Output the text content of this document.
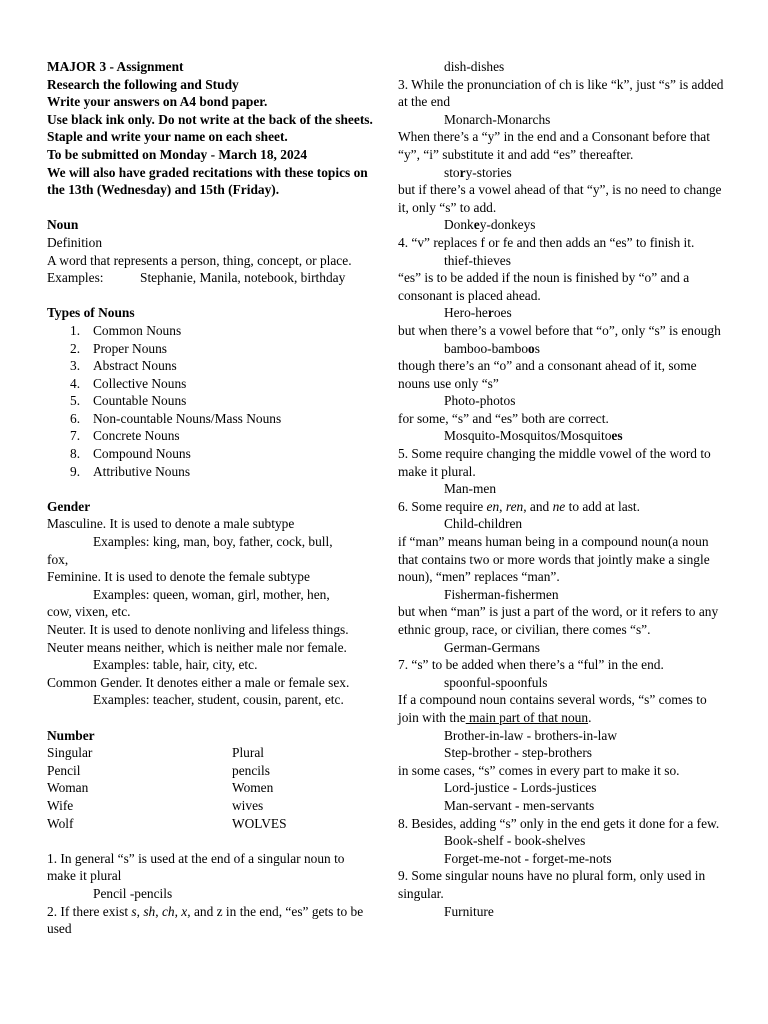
MAJOR 3 - Assignment

Research the following and Study

Write your answers on A4 bond paper.

Use black ink only. Do not write at the back of the sheets.

Staple and write your name on each sheet.

To be submitted on Monday - March 18, 2024

We will also have graded recitations with these topics on the 13th (Wednesday) and 15th (Friday).

Noun

Definition

A word that represents a person, thing, concept, or place.

Examples:	Stephanie, Manila, notebook, birthday

Types of Nouns

1. Common Nouns
2. Proper Nouns
3. Abstract Nouns
4. Collective Nouns
5. Countable Nouns
6. Non-countable Nouns/Mass Nouns
7. Concrete Nouns
8. Compound Nouns
9. Attributive Nouns

Gender

Masculine. It is used to denote a male subtype

Examples: king, man, boy, father, cock, bull,

fox,

Feminine. It is used to denote the female subtype

Examples: queen, woman, girl, mother, hen,

cow, vixen, etc.

Neuter. It is used to denote nonliving and lifeless things.

Neuter means neither, which is neither male nor female.

Examples: table, hair, city, etc.

Common Gender. It denotes either a male or female sex.

Examples: teacher, student, cousin, parent, etc.

Number

Singular	Plural
Pencil	pencils
Woman	Women
Wife	wives
Wolf	WOLVES

1. In general “s” is used at the end of a singular noun to make it plural

Pencil -pencils

2. If there exist s, sh, ch, x, and z in the end, “es” gets to be used

dish-dishes

3. While the pronunciation of ch is like “k”, just “s” is added at the end

Monarch-Monarchs

When there’s a “y” in the end and a Consonant before that “y”, “i” substitute it and add “es” thereafter.

story-stories

but if there’s a vowel ahead of that “y”, is no need to change it, only “s” to add.

Donkey-donkeys

4. “v” replaces f or fe and then adds an “es” to finish it.

thief-thieves

“es” is to be added if the noun is finished by “o” and a consonant is placed ahead.

Hero-heroes

but when there’s a vowel before that “o”, only “s” is enough

bamboo-bamboos

though there’s an “o” and a consonant ahead of it, some nouns use only “s”

Photo-photos

for some, “s” and “es” both are correct.

Mosquito-Mosquitos/Mosquitoes

5. Some require changing the middle vowel of the word to make it plural.

Man-men

6. Some require en, ren, and ne to add at last.

Child-children

if “man” means human being in a compound noun(a noun that contains two or more words that jointly make a single noun), “men” replaces “man”.

Fisherman-fishermen

but when “man” is just a part of the word, or it refers to any ethnic group, race, or civilian, there comes “s”.

German-Germans

7. “s” to be added when there’s a “ful” in the end.

spoonful-spoonfuls

If a compound noun contains several words, “s” comes to join with the main part of that noun.

Brother-in-law - brothers-in-law

Step-brother - step-brothers

in some cases, “s” comes in every part to make it so.

Lord-justice - Lords-justices

Man-servant - men-servants

8. Besides, adding “s” only in the end gets it done for a few.

Book-shelf - book-shelves

Forget-me-not - forget-me-nots

9. Some singular nouns have no plural form, only used in singular.

Furniture
